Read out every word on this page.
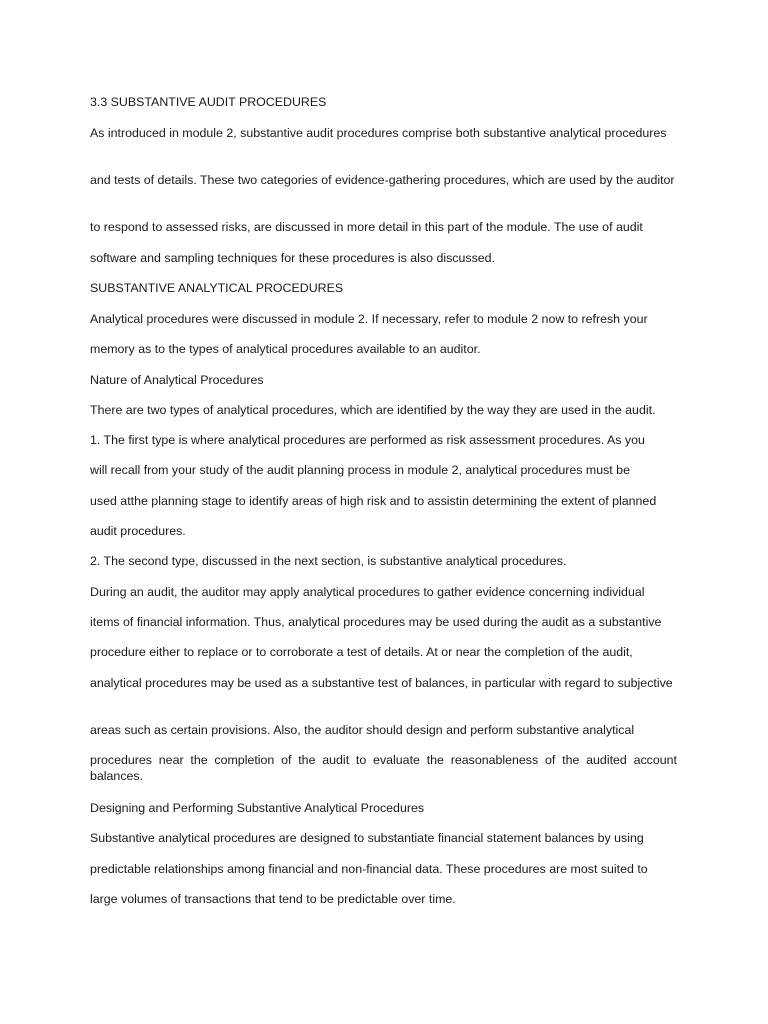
3.3 SUBSTANTIVE AUDIT PROCEDURES
As introduced in module 2, substantive audit procedures comprise both substantive analytical procedures
and tests of details. These two categories of evidence-gathering procedures, which are used by the auditor
to respond to assessed risks, are discussed in more detail in this part of the module. The use of audit
software and sampling techniques for these procedures is also discussed.
SUBSTANTIVE ANALYTICAL PROCEDURES
Analytical procedures were discussed in module 2. If necessary, refer to module 2 now to refresh your
memory as to the types of analytical procedures available to an auditor.
Nature of Analytical Procedures
There are two types of analytical procedures, which are identified by the way they are used in the audit.
1. The first type is where analytical procedures are performed as risk assessment procedures. As you
will recall from your study of the audit planning process in module 2, analytical procedures must be
used atthe planning stage to identify areas of high risk and to assistin determining the extent of planned
audit procedures.
2. The second type, discussed in the next section, is substantive analytical procedures.
During an audit, the auditor may apply analytical procedures to gather evidence concerning individual
items of financial information. Thus, analytical procedures may be used during the audit as a substantive
procedure either to replace or to corroborate a test of details. At or near the completion of the audit,
analytical procedures may be used as a substantive test of balances, in particular with regard to subjective
areas such as certain provisions. Also, the auditor should design and perform substantive analytical
procedures near the completion of the audit to evaluate the reasonableness of the audited account balances.
Designing and Performing Substantive Analytical Procedures
Substantive analytical procedures are designed to substantiate financial statement balances by using
predictable relationships among financial and non-financial data. These procedures are most suited to
large volumes of transactions that tend to be predictable over time.
